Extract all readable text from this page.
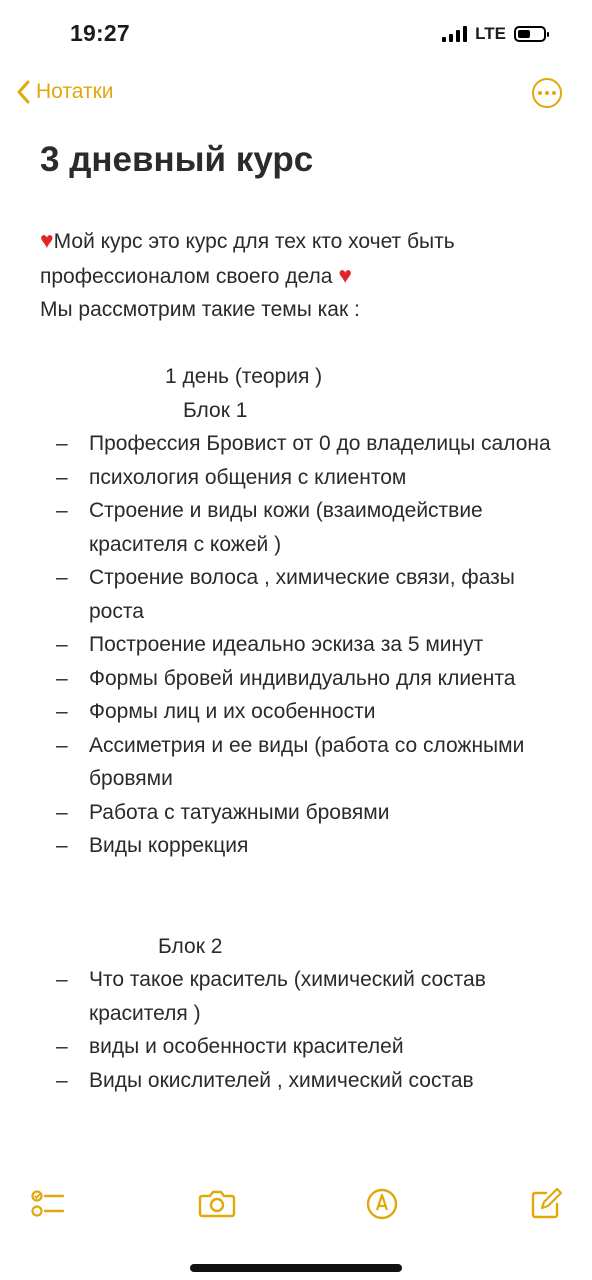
19:27	LTE
Нотатки
3 дневный курс
♥Мой курс это курс для тех кто хочет быть
профессионалом своего дела ♥
Мы рассмотрим такие темы как :
1 день (теория )
Блок 1
– Профессия Бровист от 0 до владелицы салона
– психология общения с клиентом
– Строение и виды кожи (взаимодействие красителя с кожей )
– Строение волоса , химические связи, фазы роста
– Построение идеально эскиза за 5 минут
– Формы бровей индивидуально для клиента
– Формы лиц и их особенности
– Ассиметрия и ее виды (работа со сложными бровями
– Работа с татуажными бровями
– Виды коррекция
Блок 2
– Что такое краситель (химический состав красителя )
– виды и особенности красителей
– Виды окислителей , химический состав
